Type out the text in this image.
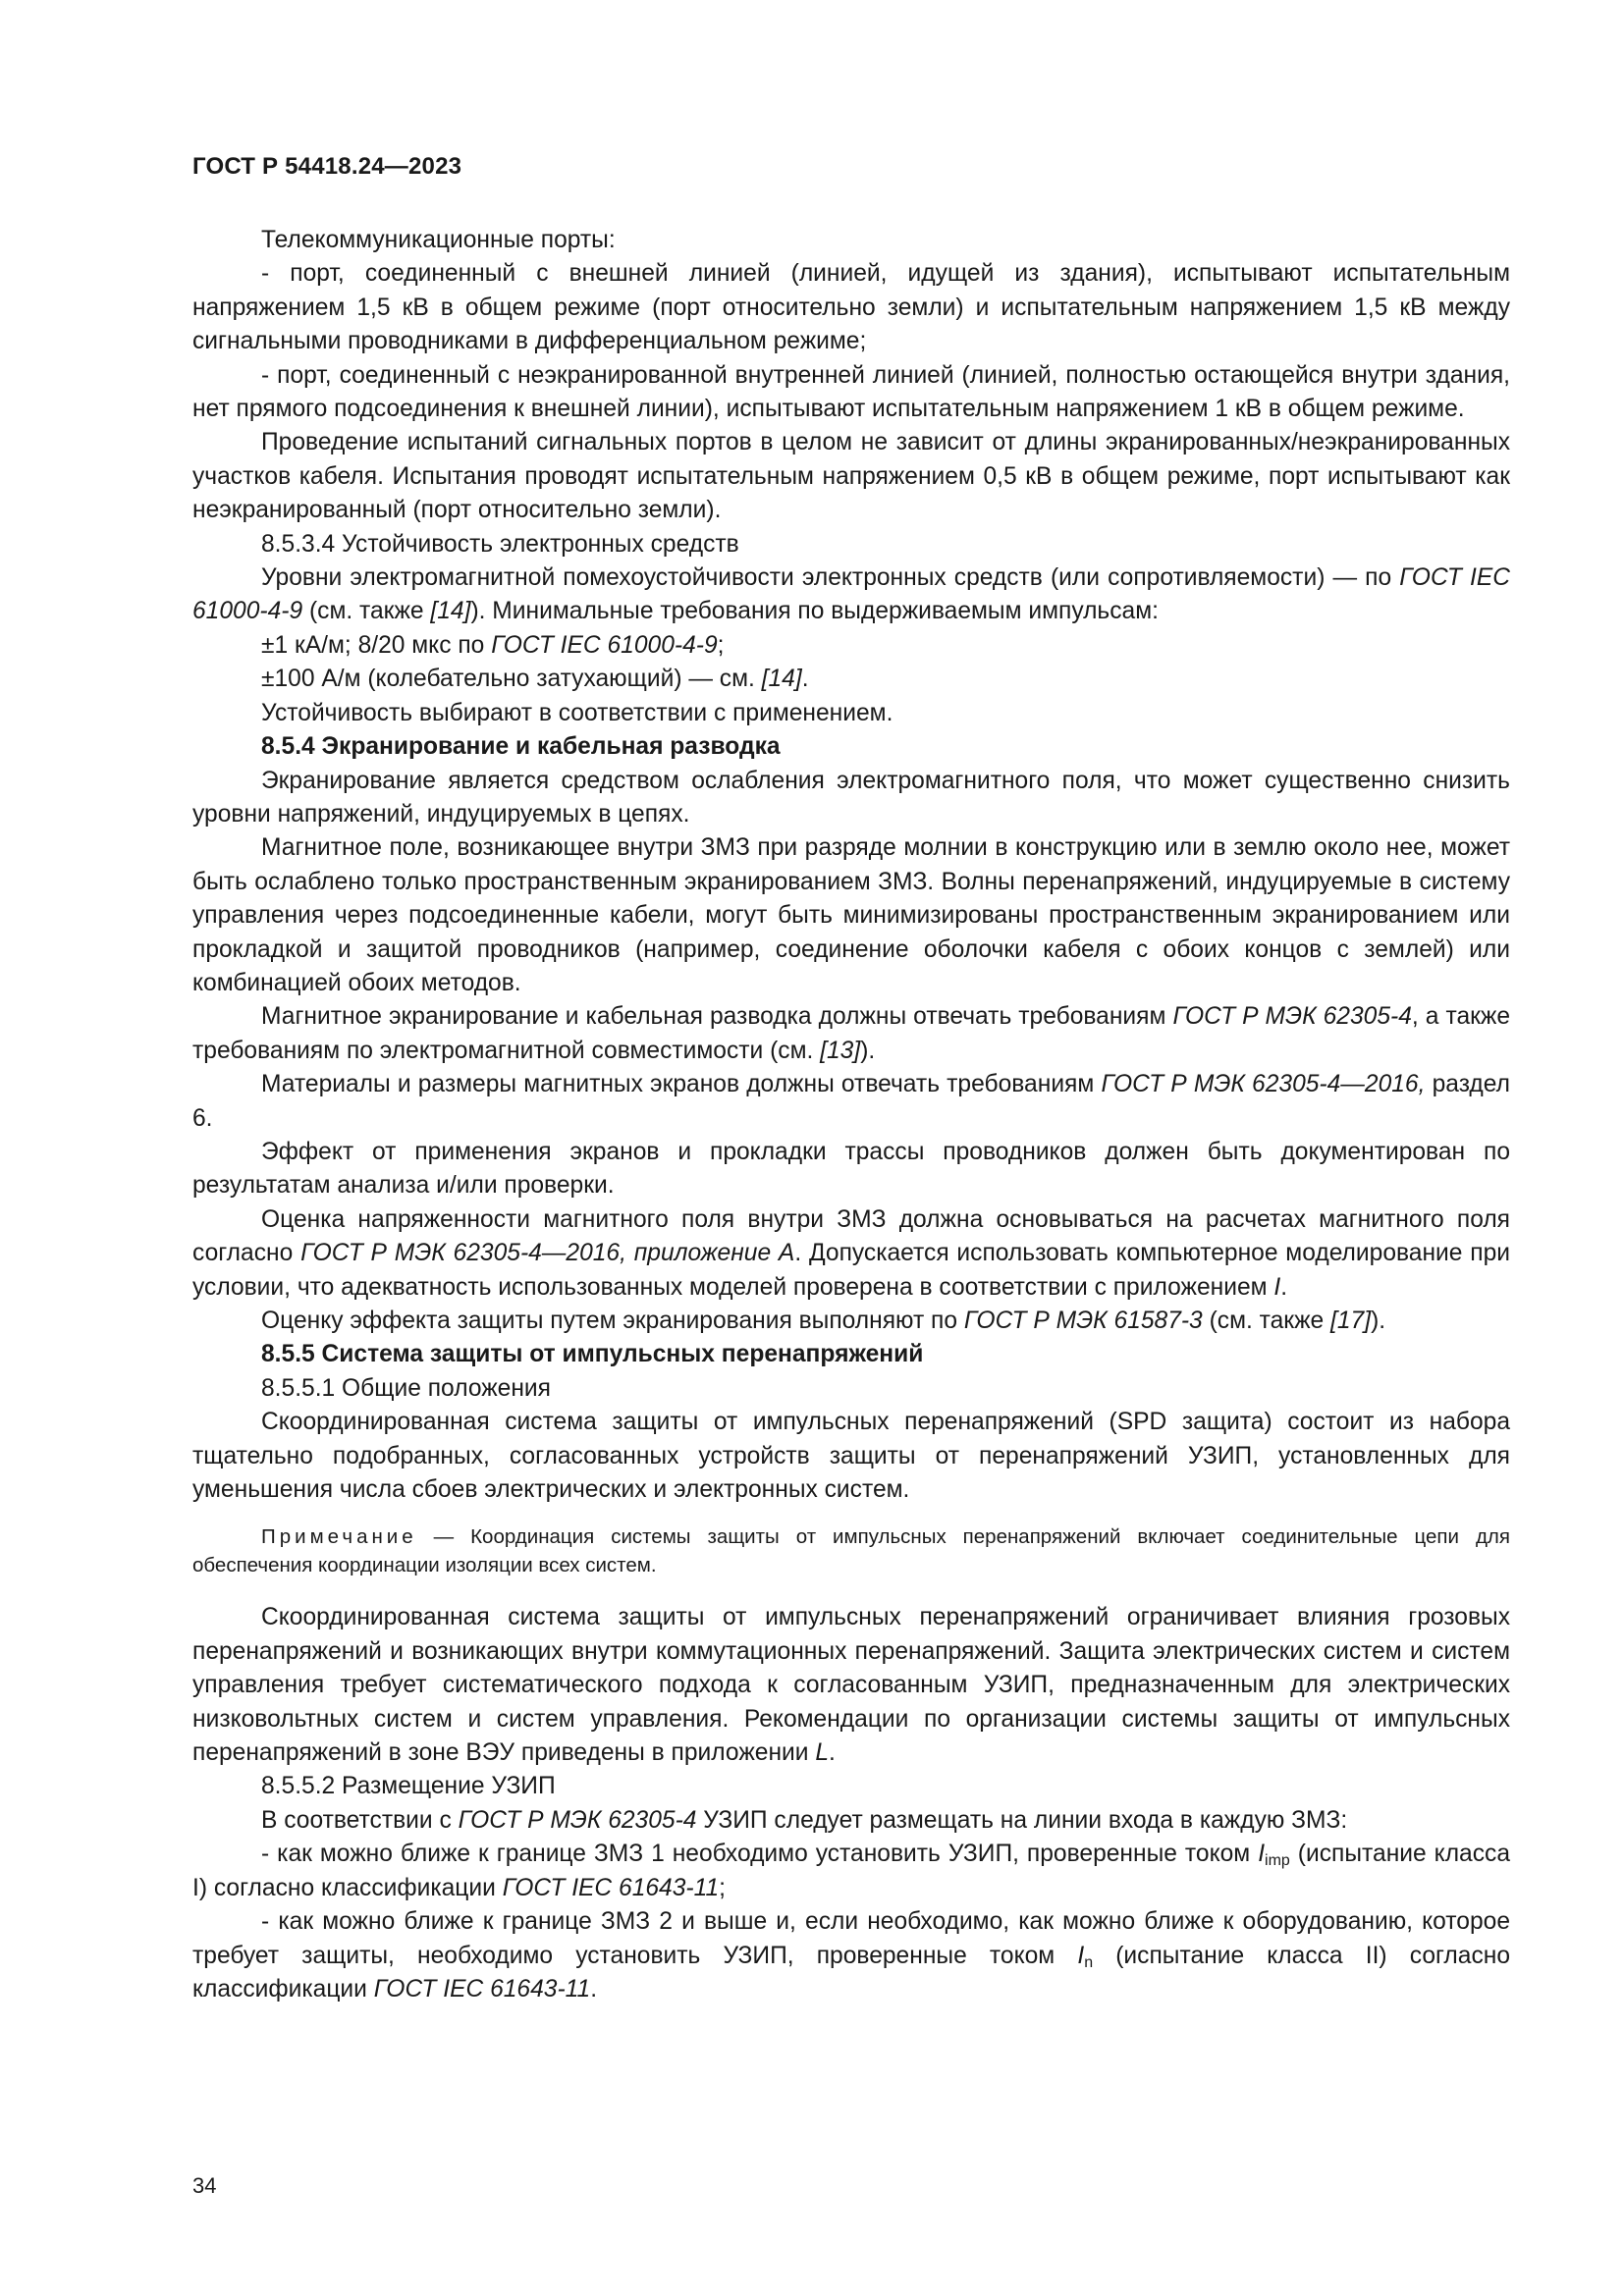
ГОСТ Р 54418.24—2023

Телекоммуникационные порты:

- порт, соединенный с внешней линией (линией, идущей из здания), испытывают испытательным напряжением 1,5 кВ в общем режиме (порт относительно земли) и испытательным напряжением 1,5 кВ между сигнальными проводниками в дифференциальном режиме;

- порт, соединенный с неэкранированной внутренней линией (линией, полностью остающейся внутри здания, нет прямого подсоединения к внешней линии), испытывают испытательным напряжением 1 кВ в общем режиме.

Проведение испытаний сигнальных портов в целом не зависит от длины экранированных/неэкранированных участков кабеля. Испытания проводят испытательным напряжением 0,5 кВ в общем режиме, порт испытывают как неэкранированный (порт относительно земли).

8.5.3.4 Устойчивость электронных средств

Уровни электромагнитной помехоустойчивости электронных средств (или сопротивляемости) — по ГОСТ IEC 61000-4-9 (см. также [14]). Минимальные требования по выдерживаемым импульсам:

±1 кА/м; 8/20 мкс по ГОСТ IEC 61000-4-9;

±100 А/м (колебательно затухающий) — см. [14].

Устойчивость выбирают в соответствии с применением.

8.5.4 Экранирование и кабельная разводка

Экранирование является средством ослабления электромагнитного поля, что может существенно снизить уровни напряжений, индуцируемых в цепях.

Магнитное поле, возникающее внутри ЗМЗ при разряде молнии в конструкцию или в землю около нее, может быть ослаблено только пространственным экранированием ЗМЗ. Волны перенапряжений, индуцируемые в систему управления через подсоединенные кабели, могут быть минимизированы пространственным экранированием или прокладкой и защитой проводников (например, соединение оболочки кабеля с обоих концов с землей) или комбинацией обоих методов.

Магнитное экранирование и кабельная разводка должны отвечать требованиям ГОСТ Р МЭК 62305-4, а также требованиям по электромагнитной совместимости (см. [13]).

Материалы и размеры магнитных экранов должны отвечать требованиям ГОСТ Р МЭК 62305-4—2016, раздел 6.

Эффект от применения экранов и прокладки трассы проводников должен быть документирован по результатам анализа и/или проверки.

Оценка напряженности магнитного поля внутри ЗМЗ должна основываться на расчетах магнитного поля согласно ГОСТ Р МЭК 62305-4—2016, приложение А. Допускается использовать компьютерное моделирование при условии, что адекватность использованных моделей проверена в соответствии с приложением I.

Оценку эффекта защиты путем экранирования выполняют по ГОСТ Р МЭК 61587-3 (см. также [17]).

8.5.5 Система защиты от импульсных перенапряжений

8.5.5.1 Общие положения

Скоординированная система защиты от импульсных перенапряжений (SPD защита) состоит из набора тщательно подобранных, согласованных устройств защиты от перенапряжений УЗИП, установленных для уменьшения числа сбоев электрических и электронных систем.

Примечание — Координация системы защиты от импульсных перенапряжений включает соединительные цепи для обеспечения координации изоляции всех систем.

Скоординированная система защиты от импульсных перенапряжений ограничивает влияния грозовых перенапряжений и возникающих внутри коммутационных перенапряжений. Защита электрических систем и систем управления требует систематического подхода к согласованным УЗИП, предназначенным для электрических низковольтных систем и систем управления. Рекомендации по организации системы защиты от импульсных перенапряжений в зоне ВЭУ приведены в приложении L.

8.5.5.2 Размещение УЗИП

В соответствии с ГОСТ Р МЭК 62305-4 УЗИП следует размещать на линии входа в каждую ЗМЗ:

- как можно ближе к границе ЗМЗ 1 необходимо установить УЗИП, проверенные током $I_{imp}$ (испытание класса I) согласно классификации ГОСТ IEC 61643-11;

- как можно ближе к границе ЗМЗ 2 и выше и, если необходимо, как можно ближе к оборудованию, которое требует защиты, необходимо установить УЗИП, проверенные током $I_n$ (испытание класса II) согласно классификации ГОСТ IEC 61643-11.

34
